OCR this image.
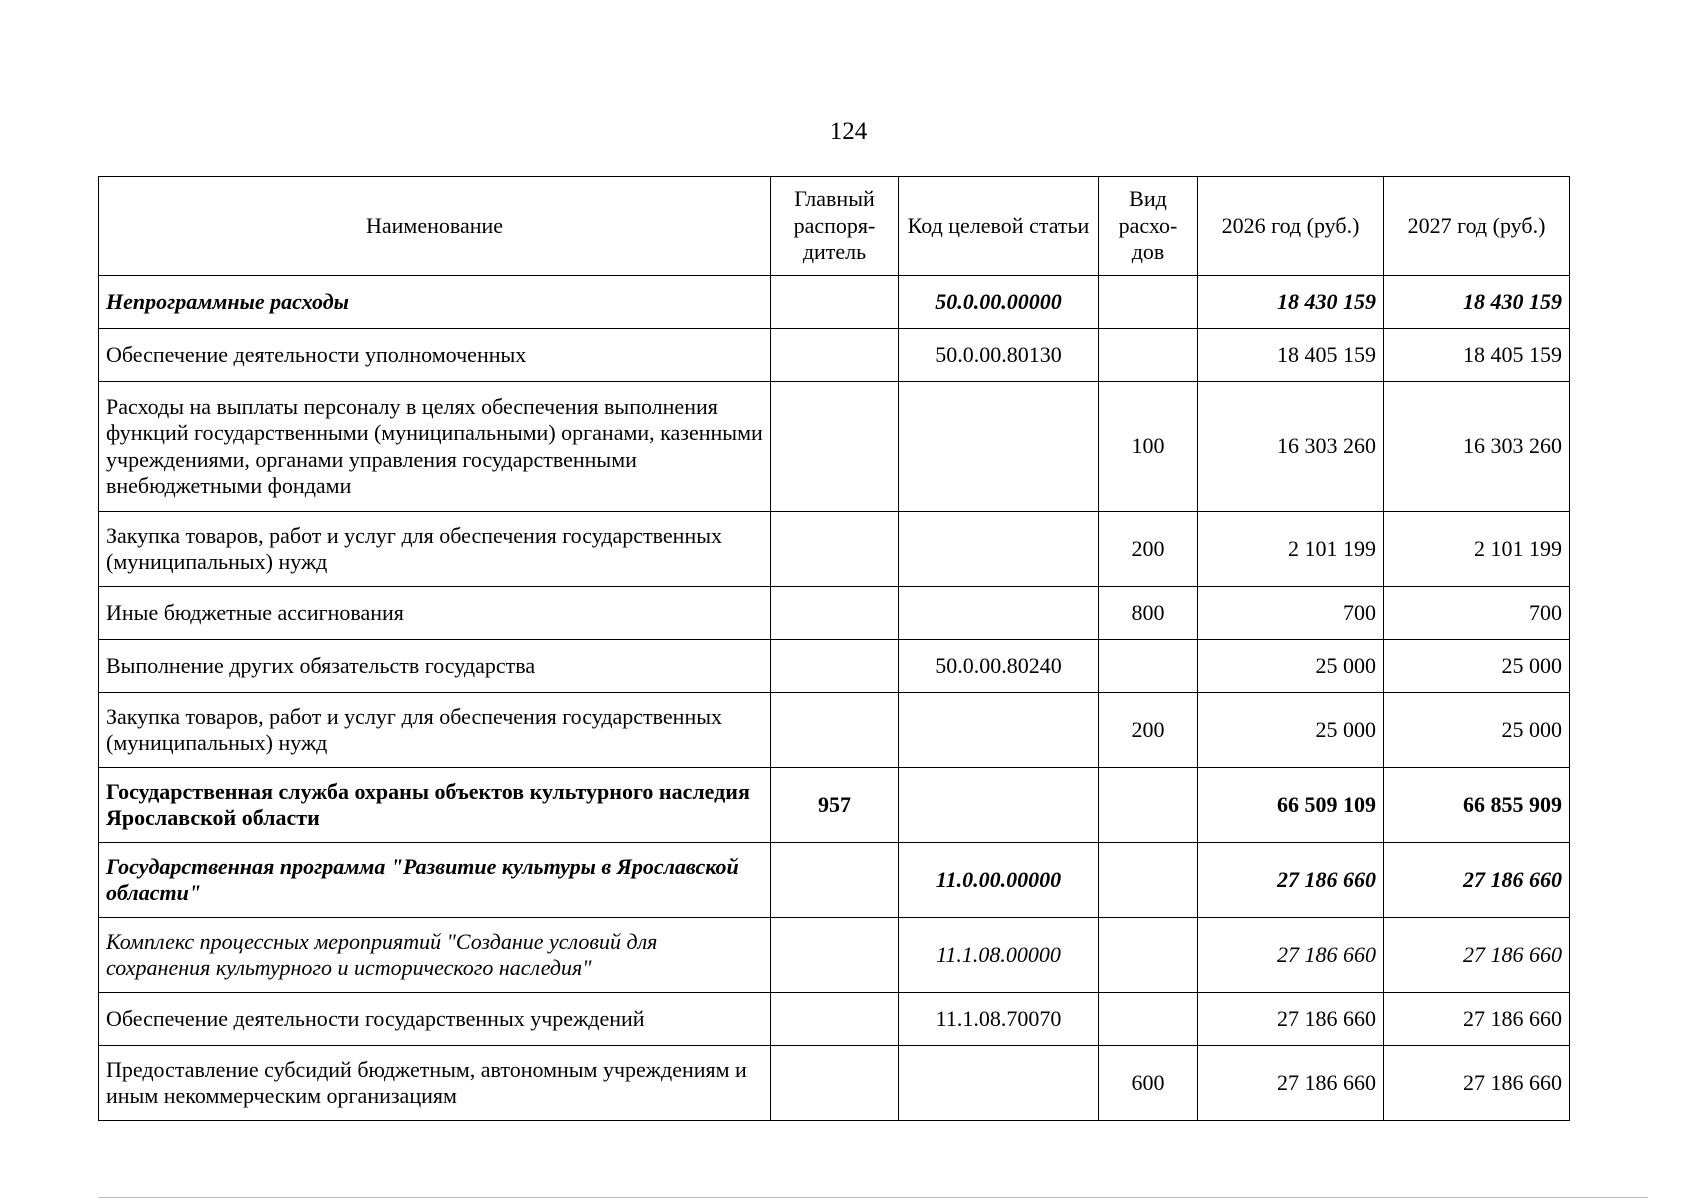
124
Наименование	Главный распоря-дитель	Код целевой статьи	Вид расхо-дов	2026 год (руб.)	2027 год (руб.)
Непрограммные расходы		50.0.00.00000		18 430 159	18 430 159
Обеспечение деятельности уполномоченных		50.0.00.80130		18 405 159	18 405 159
Расходы на выплаты персоналу в целях обеспечения выполнения функций государственными (муниципальными) органами, казенными учреждениями, органами управления государственными внебюджетными фондами			100	16 303 260	16 303 260
Закупка товаров, работ и услуг для обеспечения государственных (муниципальных) нужд			200	2 101 199	2 101 199
Иные бюджетные ассигнования			800	700	700
Выполнение других обязательств государства		50.0.00.80240		25 000	25 000
Закупка товаров, работ и услуг для обеспечения государственных (муниципальных) нужд			200	25 000	25 000
Государственная служба охраны объектов культурного наследия Ярославской области	957			66 509 109	66 855 909
Государственная программа "Развитие культуры в Ярославской области"		11.0.00.00000		27 186 660	27 186 660
Комплекс процессных мероприятий "Создание условий для сохранения культурного и исторического наследия"		11.1.08.00000		27 186 660	27 186 660
Обеспечение деятельности государственных учреждений		11.1.08.70070		27 186 660	27 186 660
Предоставление субсидий бюджетным, автономным учреждениям и иным некоммерческим организациям			600	27 186 660	27 186 660
